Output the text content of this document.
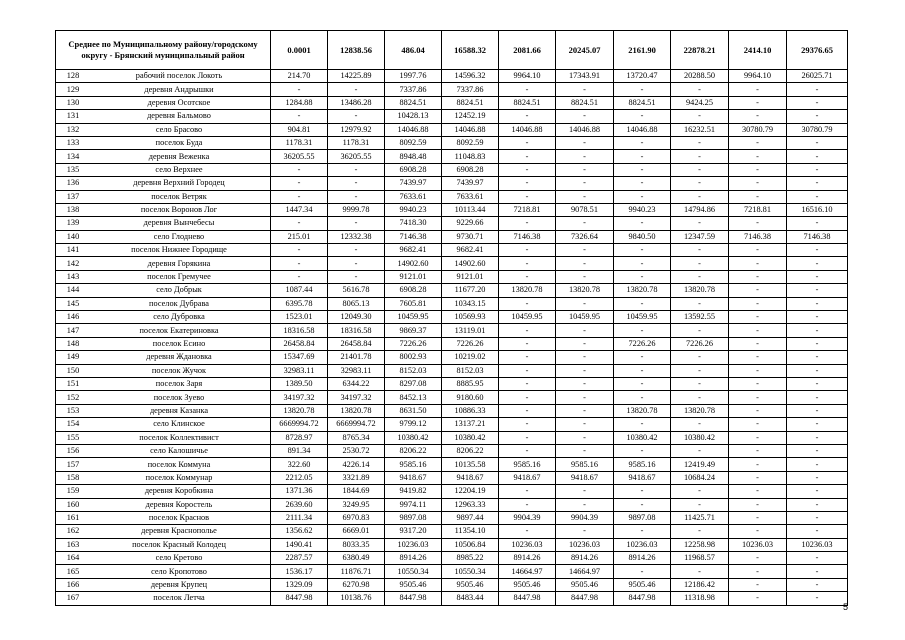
Среднее по Муниципальному району/городскому округу - Брянский муниципальный район	0.0001	12838.56	486.04	16588.32	2081.66	20245.07	2161.90	22878.21	2414.10	29376.65

128 рабочий поселок Локоть	214.70	14225.89	1997.76	14596.32	9964.10	17343.91	13720.47	20288.50	9964.10	26025.71

129 деревня Андрышки	-	-	7337.86	7337.86	-	-	-	-	-	-

130 деревня Осотское	1284.88	13486.28	8824.51	8824.51	8824.51	8824.51	8824.51	9424.25	-	-

131 деревня Бальмово	-	-	10428.13	12452.19	-	-	-	-	-	-

132 село Брасово	904.81	12979.92	14046.88	14046.88	14046.88	14046.88	14046.88	16232.51	30780.79	30780.79

133 поселок Буда	1178.31	1178.31	8092.59	8092.59	-	-	-	-	-	-

134 деревня Веженка	36205.55	36205.55	8948.48	11048.83	-	-	-	-	-	-

135 село Верхнее	-	-	6908.28	6908.28	-	-	-	-	-	-

136 деревня Верхний Городец	-	-	7439.97	7439.97	-	-	-	-	-	-

137 поселок Ветряк	-	-	7633.61	7633.61	-	-	-	-	-	-

138 поселок Воронов Лог	1447.34	9999.78	9940.23	10113.44	7218.81	9078.51	9940.23	14794.86	7218.81	16516.10

139 деревня Вынчебесы	-	-	7418.30	9229.66	-	-	-	-	-	-

140 село Глоднево	215.01	12332.38	7146.38	9730.71	7146.38	7326.64	9840.50	12347.59	7146.38	7146.38

141 поселок Нижнее Городище	-	-	9682.41	9682.41	-	-	-	-	-	-

142 деревня Горякина	-	-	14902.60	14902.60	-	-	-	-	-	-

143 поселок Гремучее	-	-	9121.01	9121.01	-	-	-	-	-	-

144 село Добрык	1087.44	5616.78	6908.28	11677.20	13820.78	13820.78	13820.78	13820.78	-	-

145 поселок Дубрава	6395.78	8065.13	7605.81	10343.15	-	-	-	-	-	-

146 село Дубровка	1523.01	12049.30	10459.95	10569.93	10459.95	10459.95	10459.95	13592.55	-	-

147 поселок Екатериновка	18316.58	18316.58	9869.37	13119.01	-	-	-	-	-	-

148 поселок Есино	26458.84	26458.84	7226.26	7226.26	-	-	7226.26	7226.26	-	-

149 деревня Ждановка	15347.69	21401.78	8002.93	10219.02	-	-	-	-	-	-

150 поселок Жучок	32983.11	32983.11	8152.03	8152.03	-	-	-	-	-	-

151 поселок Заря	1389.50	6344.22	8297.08	8885.95	-	-	-	-	-	-

152 поселок Зуево	34197.32	34197.32	8452.13	9180.60	-	-	-	-	-	-

153 деревня Казанка	13820.78	13820.78	8631.50	10886.33	-	-	13820.78	13820.78	-	-

154 село Клинское	6669994.72	6669994.72	9799.12	13137.21	-	-	-	-	-	-

155 поселок Коллективист	8728.97	8765.34	10380.42	10380.42	-	-	10380.42	10380.42	-	-

156 село Калошичье	891.34	2530.72	8206.22	8206.22	-	-	-	-	-	-

157 поселок Коммуна	322.60	4226.14	9585.16	10135.58	9585.16	9585.16	9585.16	12419.49	-	-

158 поселок Коммунар	2212.05	3321.89	9418.67	9418.67	9418.67	9418.67	9418.67	10684.24	-	-

159 деревня Коробкина	1371.36	1844.69	9419.82	12204.19	-	-	-	-	-	-

160 деревня Коростель	2639.60	3249.95	9974.11	12963.33	-	-	-	-	-	-

161 поселок Краснов	2111.34	6970.83	9897.08	9897.44	9904.39	9904.39	9897.08	11425.71	-	-

162 деревня Краснополье	1356.62	6669.01	9317.20	11354.10	-	-	-	-	-	-

163 поселок Красный Колодец	1490.41	8033.35	10236.03	10506.84	10236.03	10236.03	10236.03	12258.98	10236.03	10236.03

164 село Кретово	2287.57	6380.49	8914.26	8985.22	8914.26	8914.26	8914.26	11968.57	-	-

165 село Кропотово	1536.17	11876.71	10550.34	10550.34	14664.97	14664.97	-	-	-	-

166 деревня Крупец	1329.09	6270.98	9505.46	9505.46	9505.46	9505.46	9505.46	12186.42	-	-

167 поселок Летча	8447.98	10138.76	8447.98	8483.44	8447.98	8447.98	8447.98	11318.98	-	-
5
